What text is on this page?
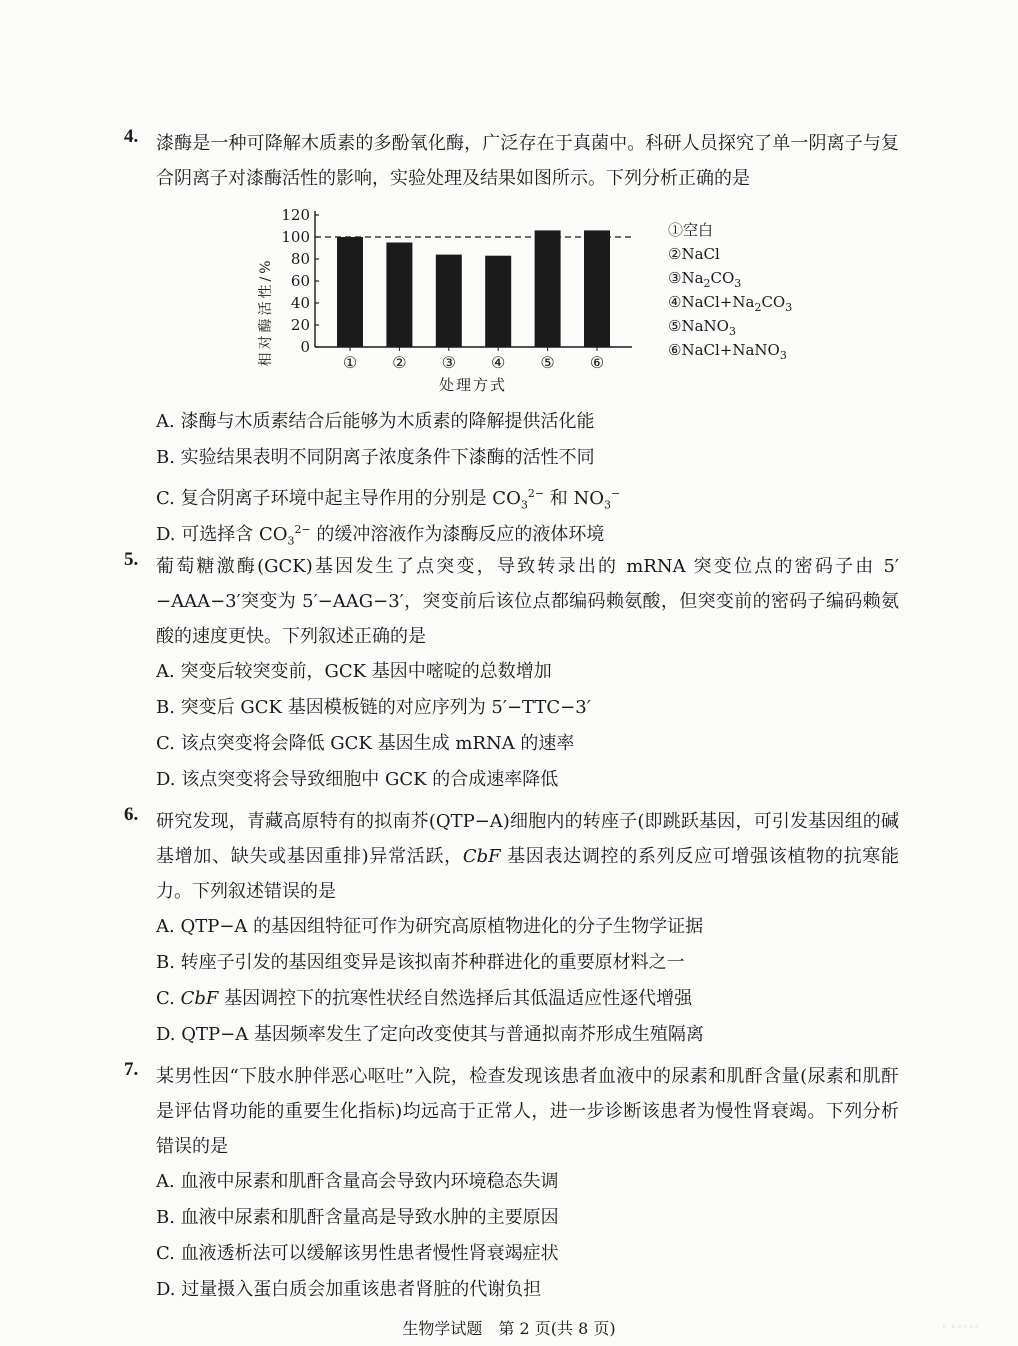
4. 漆酶是一种可降解木质素的多酚氧化酶，广泛存在于真菌中。科研人员探究了单一阴离子与复合阴离子对漆酶活性的影响，实验处理及结果如图所示。下列分析正确的是
0
20
40
60
80
100
120
① ② ③ ④ ⑤ ⑥
相对酶活性/%
处理方式
①空白
②NaCl
$③Na_2CO_3$
$④NaCl+Na_2CO_3$
⑤NaNO$_3$
⑥NaCl+NaNO$_3$
A. 漆酶与木质素结合后能够为木质素的降解提供活化能
B. 实验结果表明不同阴离子浓度条件下漆酶的活性不同
C. 复合阴离子环境中起主导作用的分别是 $CO_3^{2-}$ 和 $NO_3^-$
D. 可选择含 $CO_3^{2-}$ 的缓冲溶液作为漆酶反应的液体环境
5. 葡萄糖激酶(GCK)基因发生了点突变，导致转录出的 mRNA 突变位点的密码子由 5′−AAA−3′突变为 5′−AAG−3′，突变前后该位点都编码赖氨酸，但突变前的密码子编码赖氨酸的速度更快。下列叙述正确的是
A. 突变后较突变前，GCK 基因中嘧啶的总数增加
B. 突变后 GCK 基因模板链的对应序列为 5′−TTC−3′
C. 该点突变将会降低 GCK 基因生成 mRNA 的速率
D. 该点突变将会导致细胞中 GCK 的合成速率降低
6. 研究发现，青藏高原特有的拟南芥(QTP−A)细胞内的转座子(即跳跃基因，可引发基因组的碱基增加、缺失或基因重排)异常活跃，CbF 基因表达调控的系列反应可增强该植物的抗寒能力。下列叙述错误的是
A. QTP−A 的基因组特征可作为研究高原植物进化的分子生物学证据
B. 转座子引发的基因组变异是该拟南芥种群进化的重要原材料之一
C. CbF 基因调控下的抗寒性状经自然选择后其低温适应性逐代增强
D. QTP−A 基因频率发生了定向改变使其与普通拟南芥形成生殖隔离
7. 某男性因“下肢水肿伴恶心呕吐”入院，检查发现该患者血液中的尿素和肌酐含量(尿素和肌酐是评估肾功能的重要生化指标)均远高于正常人，进一步诊断该患者为慢性肾衰竭。下列分析错误的是
A. 血液中尿素和肌酐含量高会导致内环境稳态失调
B. 血液中尿素和肌酐含量高是导致水肿的主要原因
C. 血液透析法可以缓解该男性患者慢性肾衰竭症状
D. 过量摄入蛋白质会加重该患者肾脏的代谢负担
生物学试题　第 2 页(共 8 页)	◦ ◦◦◦◦◦
